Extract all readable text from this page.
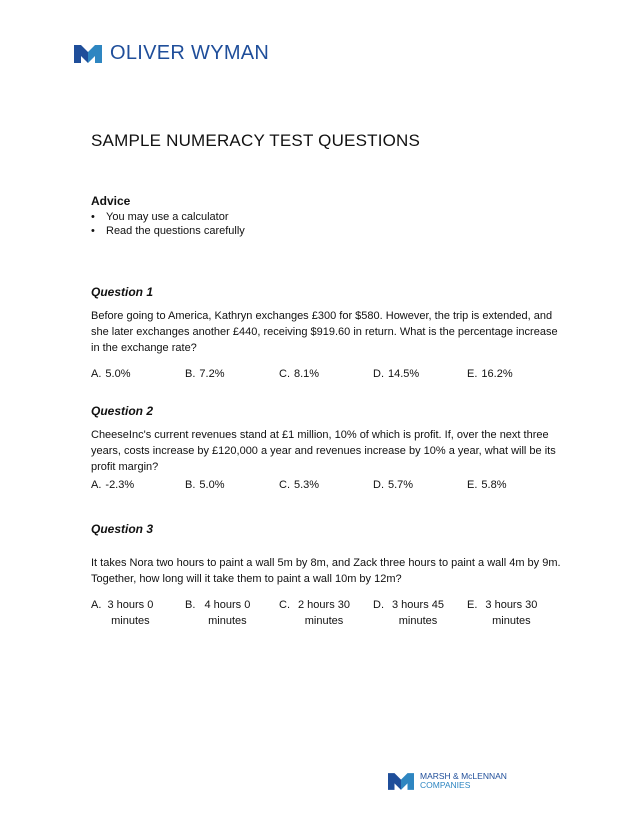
OLIVER WYMAN
SAMPLE NUMERACY TEST QUESTIONS
Advice
•	You may use a calculator
•	Read the questions carefully
Question 1

Before going to America, Kathryn exchanges £300 for $580. However, the trip is extended, and she later exchanges another £440, receiving $919.60 in return. What is the percentage increase in the exchange rate?

A. 5.0%	B. 7.2%	C. 8.1%	D. 14.5%	E. 16.2%
Question 2

CheeseInc's current revenues stand at £1 million, 10% of which is profit. If, over the next three years, costs increase by £120,000 a year and revenues increase by 10% a year, what will be its profit margin?

A. -2.3%	B. 5.0%	C. 5.3%	D. 5.7%	E. 5.8%
Question 3

It takes Nora two hours to paint a wall 5m by 8m, and Zack three hours to paint a wall 4m by 9m. Together, how long will it take them to paint a wall 10m by 12m?

A. 3 hours 0 minutes
B. 4 hours 0 minutes
C. 2 hours 30 minutes
D. 3 hours 45 minutes
E. 3 hours 30 minutes
MARSH & McLENNAN
COMPANIES
